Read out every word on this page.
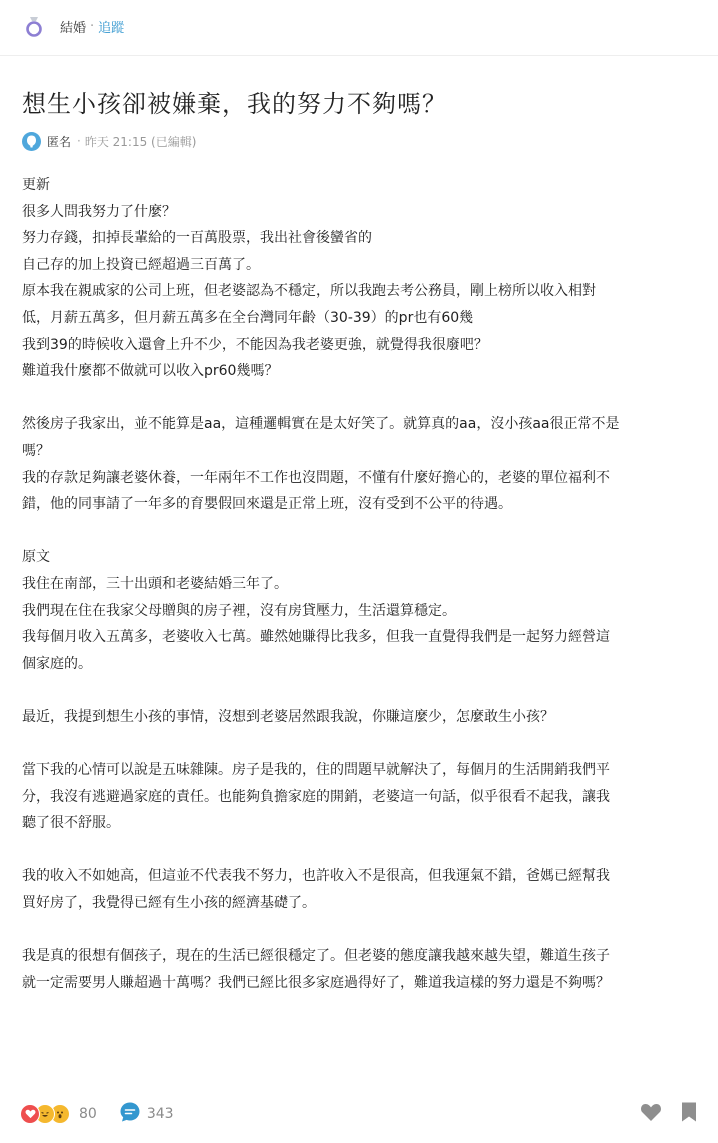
結婚 · 追蹤
想生小孩卻被嫌棄，我的努力不夠嗎？
匿名 · 昨天 21:15 (已編輯)

更新

很多人問我努力了什麼？

努力存錢，扣掉長輩給的一百萬股票，我出社會後蠻省的

自己存的加上投資已經超過三百萬了。

原本我在親戚家的公司上班，但老婆認為不穩定，所以我跑去考公務員，剛上榜所以收入相對

低，月薪五萬多，但月薪五萬多在全台灣同年齡（30-39）的pr也有60幾

我到39的時候收入還會上升不少，不能因為我老婆更強，就覺得我很廢吧？

難道我什麼都不做就可以收入pr60幾嗎？

然後房子我家出，並不能算是aa，這種邏輯實在是太好笑了。就算真的aa，沒小孩aa很正常不是

嗎？

我的存款足夠讓老婆休養，一年兩年不工作也沒問題，不懂有什麼好擔心的，老婆的單位福利不

錯，他的同事請了一年多的育嬰假回來還是正常上班，沒有受到不公平的待遇。

原文

我住在南部，三十出頭和老婆結婚三年了。

我們現在住在我家父母贈與的房子裡，沒有房貸壓力，生活還算穩定。

我每個月收入五萬多，老婆收入七萬。雖然她賺得比我多，但我一直覺得我們是一起努力經營這

個家庭的。

最近，我提到想生小孩的事情，沒想到老婆居然跟我說，你賺這麼少，怎麼敢生小孩？

當下我的心情可以說是五味雜陳。房子是我的，住的問題早就解決了，每個月的生活開銷我們平

分，我沒有逃避過家庭的責任。也能夠負擔家庭的開銷，老婆這一句話，似乎很看不起我，讓我

聽了很不舒服。

我的收入不如她高，但這並不代表我不努力，也許收入不是很高，但我運氣不錯，爸媽已經幫我

買好房了，我覺得已經有生小孩的經濟基礎了。

我是真的很想有個孩子，現在的生活已經很穩定了。但老婆的態度讓我越來越失望，難道生孩子

就一定需要男人賺超過十萬嗎？我們已經比很多家庭過得好了，難道我這樣的努力還是不夠嗎？

80	343
